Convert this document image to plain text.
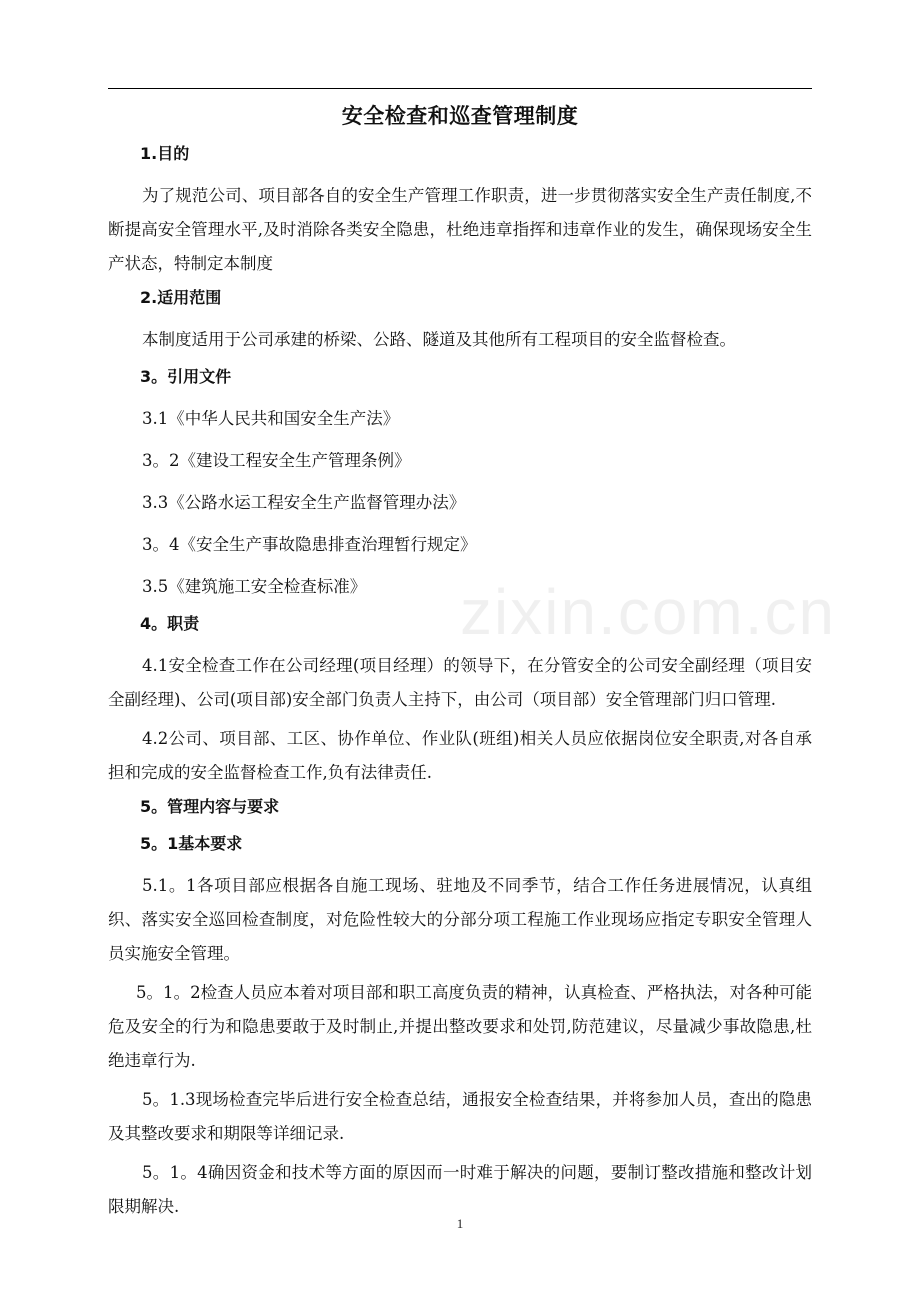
zixin.com.cn
安全检查和巡查管理制度
1.目的
为了规范公司、项目部各自的安全生产管理工作职责，进一步贯彻落实安全生产责任制度,不断提高安全管理水平,及时消除各类安全隐患，杜绝违章指挥和违章作业的发生，确保现场安全生产状态，特制定本制度
2.适用范围
本制度适用于公司承建的桥梁、公路、隧道及其他所有工程项目的安全监督检查。
3。引用文件
3.1《中华人民共和国安全生产法》
3。2《建设工程安全生产管理条例》
3.3《公路水运工程安全生产监督管理办法》
3。4《安全生产事故隐患排查治理暂行规定》
3.5《建筑施工安全检查标准》
4。职责
4.1安全检查工作在公司经理(项目经理）的领导下，在分管安全的公司安全副经理（项目安全副经理)、公司(项目部)安全部门负责人主持下，由公司（项目部）安全管理部门归口管理.
4.2公司、项目部、工区、协作单位、作业队(班组)相关人员应依据岗位安全职责,对各自承担和完成的安全监督检查工作,负有法律责任.
5。管理内容与要求
5。1基本要求
5.1。1各项目部应根据各自施工现场、驻地及不同季节，结合工作任务进展情况，认真组织、落实安全巡回检查制度，对危险性较大的分部分项工程施工作业现场应指定专职安全管理人员实施安全管理。
5。1。2检查人员应本着对项目部和职工高度负责的精神，认真检查、严格执法，对各种可能危及安全的行为和隐患要敢于及时制止,并提出整改要求和处罚,防范建议，尽量减少事故隐患,杜绝违章行为.
5。1.3现场检查完毕后进行安全检查总结，通报安全检查结果，并将参加人员，查出的隐患及其整改要求和期限等详细记录.
5。1。4确因资金和技术等方面的原因而一时难于解决的问题，要制订整改措施和整改计划限期解决.
1
